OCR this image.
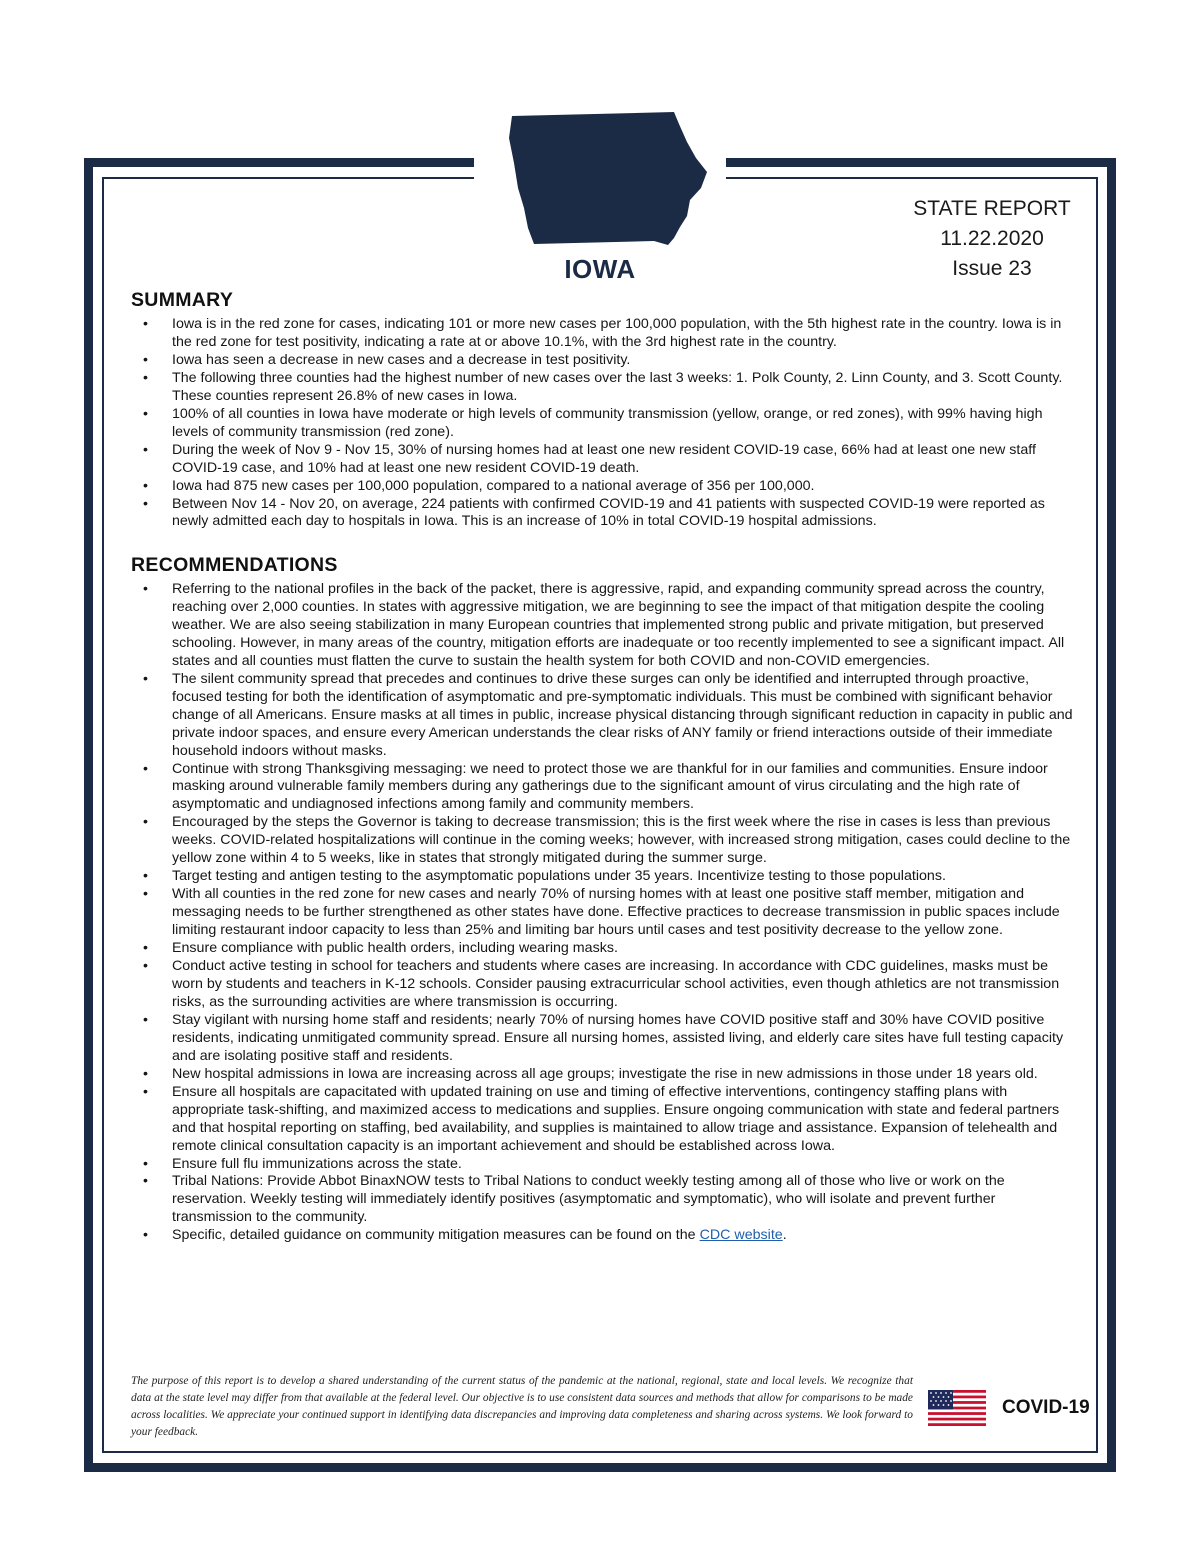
STATE REPORT
11.22.2020
Issue 23
IOWA
SUMMARY
• Iowa is in the red zone for cases, indicating 101 or more new cases per 100,000 population, with the 5th highest rate in the country. Iowa is in the red zone for test positivity, indicating a rate at or above 10.1%, with the 3rd highest rate in the country.
• Iowa has seen a decrease in new cases and a decrease in test positivity.
• The following three counties had the highest number of new cases over the last 3 weeks: 1. Polk County, 2. Linn County, and 3. Scott County. These counties represent 26.8% of new cases in Iowa.
• 100% of all counties in Iowa have moderate or high levels of community transmission (yellow, orange, or red zones), with 99% having high levels of community transmission (red zone).
• During the week of Nov 9 - Nov 15, 30% of nursing homes had at least one new resident COVID-19 case, 66% had at least one new staff COVID-19 case, and 10% had at least one new resident COVID-19 death.
• Iowa had 875 new cases per 100,000 population, compared to a national average of 356 per 100,000.
• Between Nov 14 - Nov 20, on average, 224 patients with confirmed COVID-19 and 41 patients with suspected COVID-19 were reported as newly admitted each day to hospitals in Iowa. This is an increase of 10% in total COVID-19 hospital admissions.
RECOMMENDATIONS
• Referring to the national profiles in the back of the packet, there is aggressive, rapid, and expanding community spread across the country, reaching over 2,000 counties. In states with aggressive mitigation, we are beginning to see the impact of that mitigation despite the cooling weather. We are also seeing stabilization in many European countries that implemented strong public and private mitigation, but preserved schooling. However, in many areas of the country, mitigation efforts are inadequate or too recently implemented to see a significant impact. All states and all counties must flatten the curve to sustain the health system for both COVID and non-COVID emergencies.
• The silent community spread that precedes and continues to drive these surges can only be identified and interrupted through proactive, focused testing for both the identification of asymptomatic and pre-symptomatic individuals. This must be combined with significant behavior change of all Americans. Ensure masks at all times in public, increase physical distancing through significant reduction in capacity in public and private indoor spaces, and ensure every American understands the clear risks of ANY family or friend interactions outside of their immediate household indoors without masks.
• Continue with strong Thanksgiving messaging: we need to protect those we are thankful for in our families and communities. Ensure indoor masking around vulnerable family members during any gatherings due to the significant amount of virus circulating and the high rate of asymptomatic and undiagnosed infections among family and community members.
• Encouraged by the steps the Governor is taking to decrease transmission; this is the first week where the rise in cases is less than previous weeks. COVID-related hospitalizations will continue in the coming weeks; however, with increased strong mitigation, cases could decline to the yellow zone within 4 to 5 weeks, like in states that strongly mitigated during the summer surge.
• Target testing and antigen testing to the asymptomatic populations under 35 years. Incentivize testing to those populations.
• With all counties in the red zone for new cases and nearly 70% of nursing homes with at least one positive staff member, mitigation and messaging needs to be further strengthened as other states have done. Effective practices to decrease transmission in public spaces include limiting restaurant indoor capacity to less than 25% and limiting bar hours until cases and test positivity decrease to the yellow zone.
• Ensure compliance with public health orders, including wearing masks.
• Conduct active testing in school for teachers and students where cases are increasing. In accordance with CDC guidelines, masks must be worn by students and teachers in K-12 schools. Consider pausing extracurricular school activities, even though athletics are not transmission risks, as the surrounding activities are where transmission is occurring.
• Stay vigilant with nursing home staff and residents; nearly 70% of nursing homes have COVID positive staff and 30% have COVID positive residents, indicating unmitigated community spread. Ensure all nursing homes, assisted living, and elderly care sites have full testing capacity and are isolating positive staff and residents.
• New hospital admissions in Iowa are increasing across all age groups; investigate the rise in new admissions in those under 18 years old.
• Ensure all hospitals are capacitated with updated training on use and timing of effective interventions, contingency staffing plans with appropriate task-shifting, and maximized access to medications and supplies. Ensure ongoing communication with state and federal partners and that hospital reporting on staffing, bed availability, and supplies is maintained to allow triage and assistance. Expansion of telehealth and remote clinical consultation capacity is an important achievement and should be established across Iowa.
• Ensure full flu immunizations across the state.
• Tribal Nations: Provide Abbot BinaxNOW tests to Tribal Nations to conduct weekly testing among all of those who live or work on the reservation. Weekly testing will immediately identify positives (asymptomatic and symptomatic), who will isolate and prevent further transmission to the community.
• Specific, detailed guidance on community mitigation measures can be found on the CDC website.
The purpose of this report is to develop a shared understanding of the current status of the pandemic at the national, regional, state and local levels. We recognize that data at the state level may differ from that available at the federal level. Our objective is to use consistent data sources and methods that allow for comparisons to be made across localities. We appreciate your continued support in identifying data discrepancies and improving data completeness and sharing across systems. We look forward to your feedback.
COVID-19
